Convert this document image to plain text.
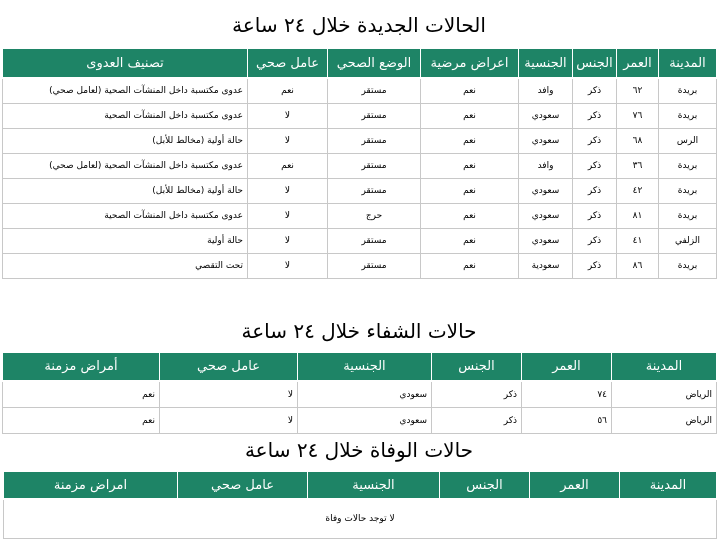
الحالات الجديدة خلال ٢٤ ساعة
المدينة	العمر	الجنس	الجنسية	اعراض مرضية	الوضع الصحي	عامل صحي	تصنيف العدوى
بريدة	٦٢	ذكر	وافد	نعم	مستقر	نعم	عدوى مكتسبة داخل المنشآت الصحية (لعامل صحي)
بريدة	٧٦	ذكر	سعودي	نعم	مستقر	لا	عدوى مكتسبة داخل المنشآت الصحية
الرس	٦٨	ذكر	سعودي	نعم	مستقر	لا	حالة أولية (مخالط للأبل)
بريدة	٣٦	ذكر	وافد	نعم	مستقر	نعم	عدوى مكتسبة داخل المنشآت الصحية (لعامل صحي)
بريدة	٤٢	ذكر	سعودي	نعم	مستقر	لا	حالة أولية (مخالط للأبل)
بريدة	٨١	ذكر	سعودي	نعم	حرج	لا	عدوى مكتسبة داخل المنشآت الصحية
الزلفي	٤١	ذكر	سعودي	نعم	مستقر	لا	حالة أولية
بريدة	٨٦	ذكر	سعودية	نعم	مستقر	لا	تحت التقصي
حالات الشفاء خلال ٢٤ ساعة
المدينة	العمر	الجنس	الجنسية	عامل صحي	أمراض مزمنة
الرياض	٧٤	ذكر	سعودي	لا	نعم
الرياض	٥٦	ذكر	سعودي	لا	نعم
حالات الوفاة خلال ٢٤ ساعة
المدينة	العمر	الجنس	الجنسية	عامل صحي	امراض مزمنة
لا توجد حالات وفاة
